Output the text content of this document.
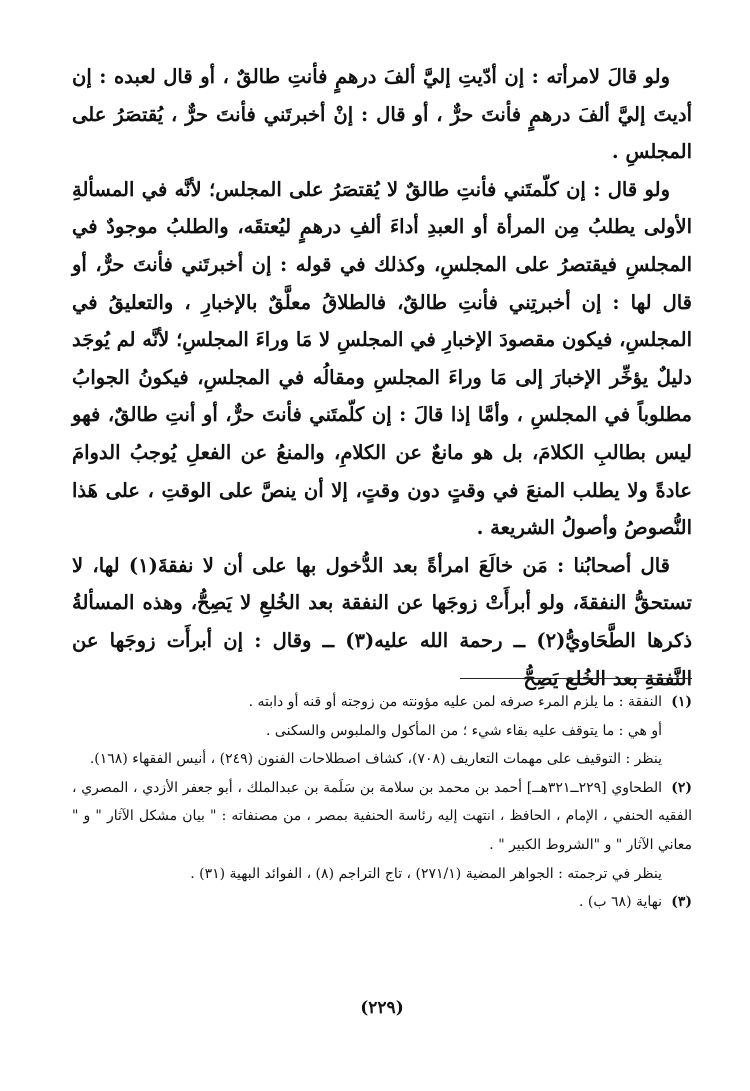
ولو قالَ لامرأته : إن أدّيتِ إليَّ ألفَ درهمٍ فأنتِ طالقٌ ، أو قال لعبده : إن أديتَ إليَّ ألفَ درهمٍ فأنتَ حرٌّ ، أو قال : إنْ أخبرتَني فأنتَ حرٌّ ، يُقتصَرُ على المجلسِ .

ولو قال : إن كلّمتَني فأنتِ طالقٌ لا يُقتصَرُ على المجلس؛ لأنَّه في المسألةِ الأولى يطلبُ مِن المرأة أو العبدِ أداءَ ألفِ درهمٍ ليُعتقَه، والطلبُ موجودٌ في المجلسِ فيقتصرُ على المجلسِ، وكذلك في قوله : إن أخبرتَني فأنتَ حرٌّ، أو قال لها : إن أخبرتِني فأنتِ طالقٌ، فالطلاقُ معلَّقٌ بالإخبارِ ، والتعليقُ في المجلسِ، فيكون مقصودَ الإخبارِ في المجلسِ لا مَا وراءَ المجلسِ؛ لأنَّه لم يُوجَد دليلٌ يؤخِّر الإخبارَ إلى مَا وراءَ المجلسِ ومقالُه في المجلسِ، فيكونُ الجوابُ مطلوباً في المجلسِ ، وأمَّا إذا قالَ : إن كلّمتَني فأنتَ حرٌّ، أو أنتِ طالقٌ، فهو ليس بطالبِ الكلامَ، بل هو مانعٌ عن الكلامِ، والمنعُ عن الفعلِ يُوجبُ الدوامَ عادةً ولا يطلب المنعَ في وقتٍ دون وقتٍ، إلا أن ينصَّ على الوقتِ ، على هَذا النُّصوصُ وأصولُ الشريعة .

قال أصحابُنا : مَن خالَعَ امرأةً بعد الدُّخول بها على أن لا نفقةَ(١) لها، لا تستحقُّ النفقةَ، ولو أبرأَتْ زوجَها عن النفقة بعد الخُلعِ لا يَصِحُّ، وهذه المسألةُ ذكرها الطَّحَاويُّ(٢) ــ رحمة الله عليه(٣) ــ وقال : إن أبرأَت زوجَها عن النَّفقةِ بعد الخُلع يَصِحُّ

(١)النفقة : ما يلزم المرء صرفه لمن عليه مؤونته من زوجته أو قنه أو دابته .

أو هي : ما يتوقف عليه بقاء شيء ؛ من المأكول والملبوس والسكنى .

ينظر : التوقيف على مهمات التعاريف (٧٠٨)، كشاف اصطلاحات الفنون (٢٤٩) ، أنيس الفقهاء (١٦٨).

(٢)الطحاوي [٢٢٩ــ٣٢١هــ] أحمد بن محمد بن سلامة بن سَلَمة بن عبدالملك ، أبو جعفر الأزدي ، المصري ، الفقيه الحنفي ، الإمام ، الحافظ ، انتهت إليه رئاسة الحنفية بمصر ، من مصنفاته : " بيان مشكل الآثار " و " معاني الآثار " و "الشروط الكبير " .

ينظر في ترجمته : الجواهر المضية (٢٧١/١) ، تاج التراجم (٨) ، الفوائد البهية (٣١) .

(٣)نهاية (٦٨ ب) .

(٢٢٩)
